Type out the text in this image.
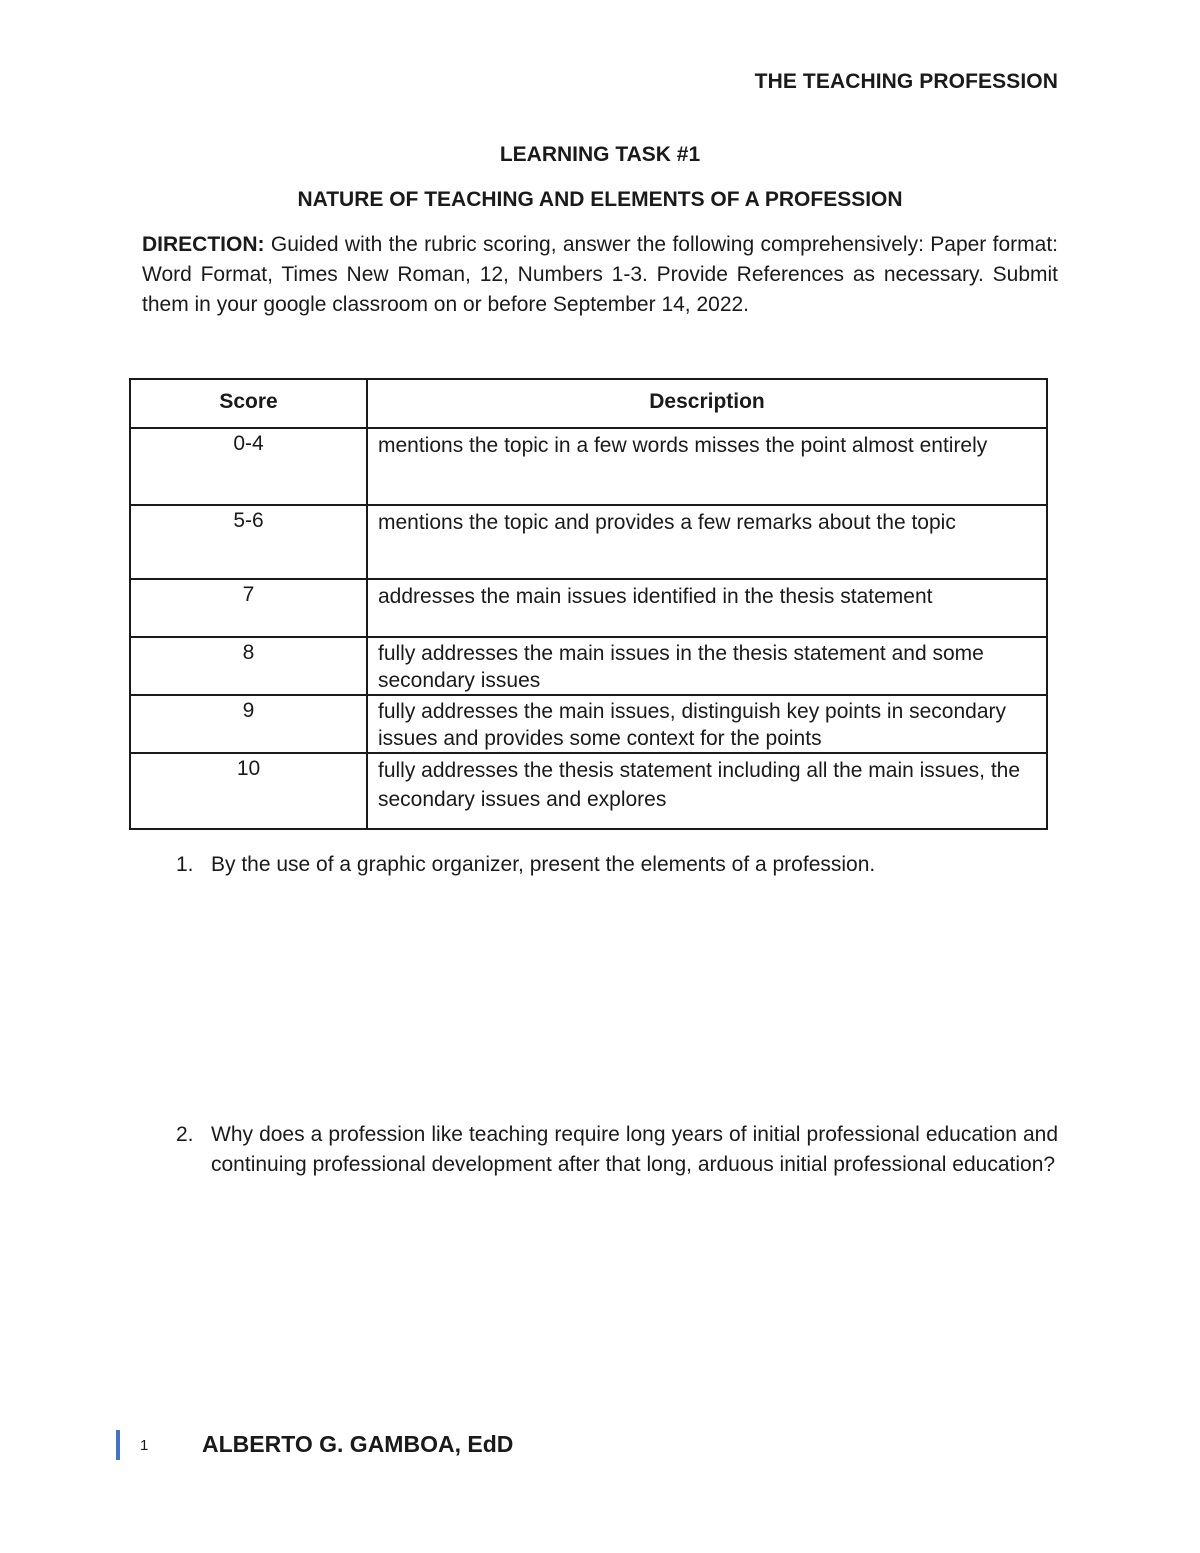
THE TEACHING PROFESSION
LEARNING TASK #1
NATURE OF TEACHING AND ELEMENTS OF A PROFESSION
DIRECTION: Guided with the rubric scoring, answer the following comprehensively: Paper format: Word Format, Times New Roman, 12, Numbers 1-3. Provide References as necessary. Submit them in your google classroom on or before September 14, 2022.
Score	Description
0-4	mentions the topic in a few words misses the point almost entirely
5-6	mentions the topic and provides a few remarks about the topic
7	addresses the main issues identified in the thesis statement
8	fully addresses the main issues in the thesis statement and some secondary issues
9	fully addresses the main issues, distinguish key points in secondary issues and provides some context for the points
10	fully addresses the thesis statement including all the main issues, the secondary issues and explores
1. By the use of a graphic organizer, present the elements of a profession.
2. Why does a profession like teaching require long years of initial professional education and continuing professional development after that long, arduous initial professional education?
1 ALBERTO G. GAMBOA, EdD
